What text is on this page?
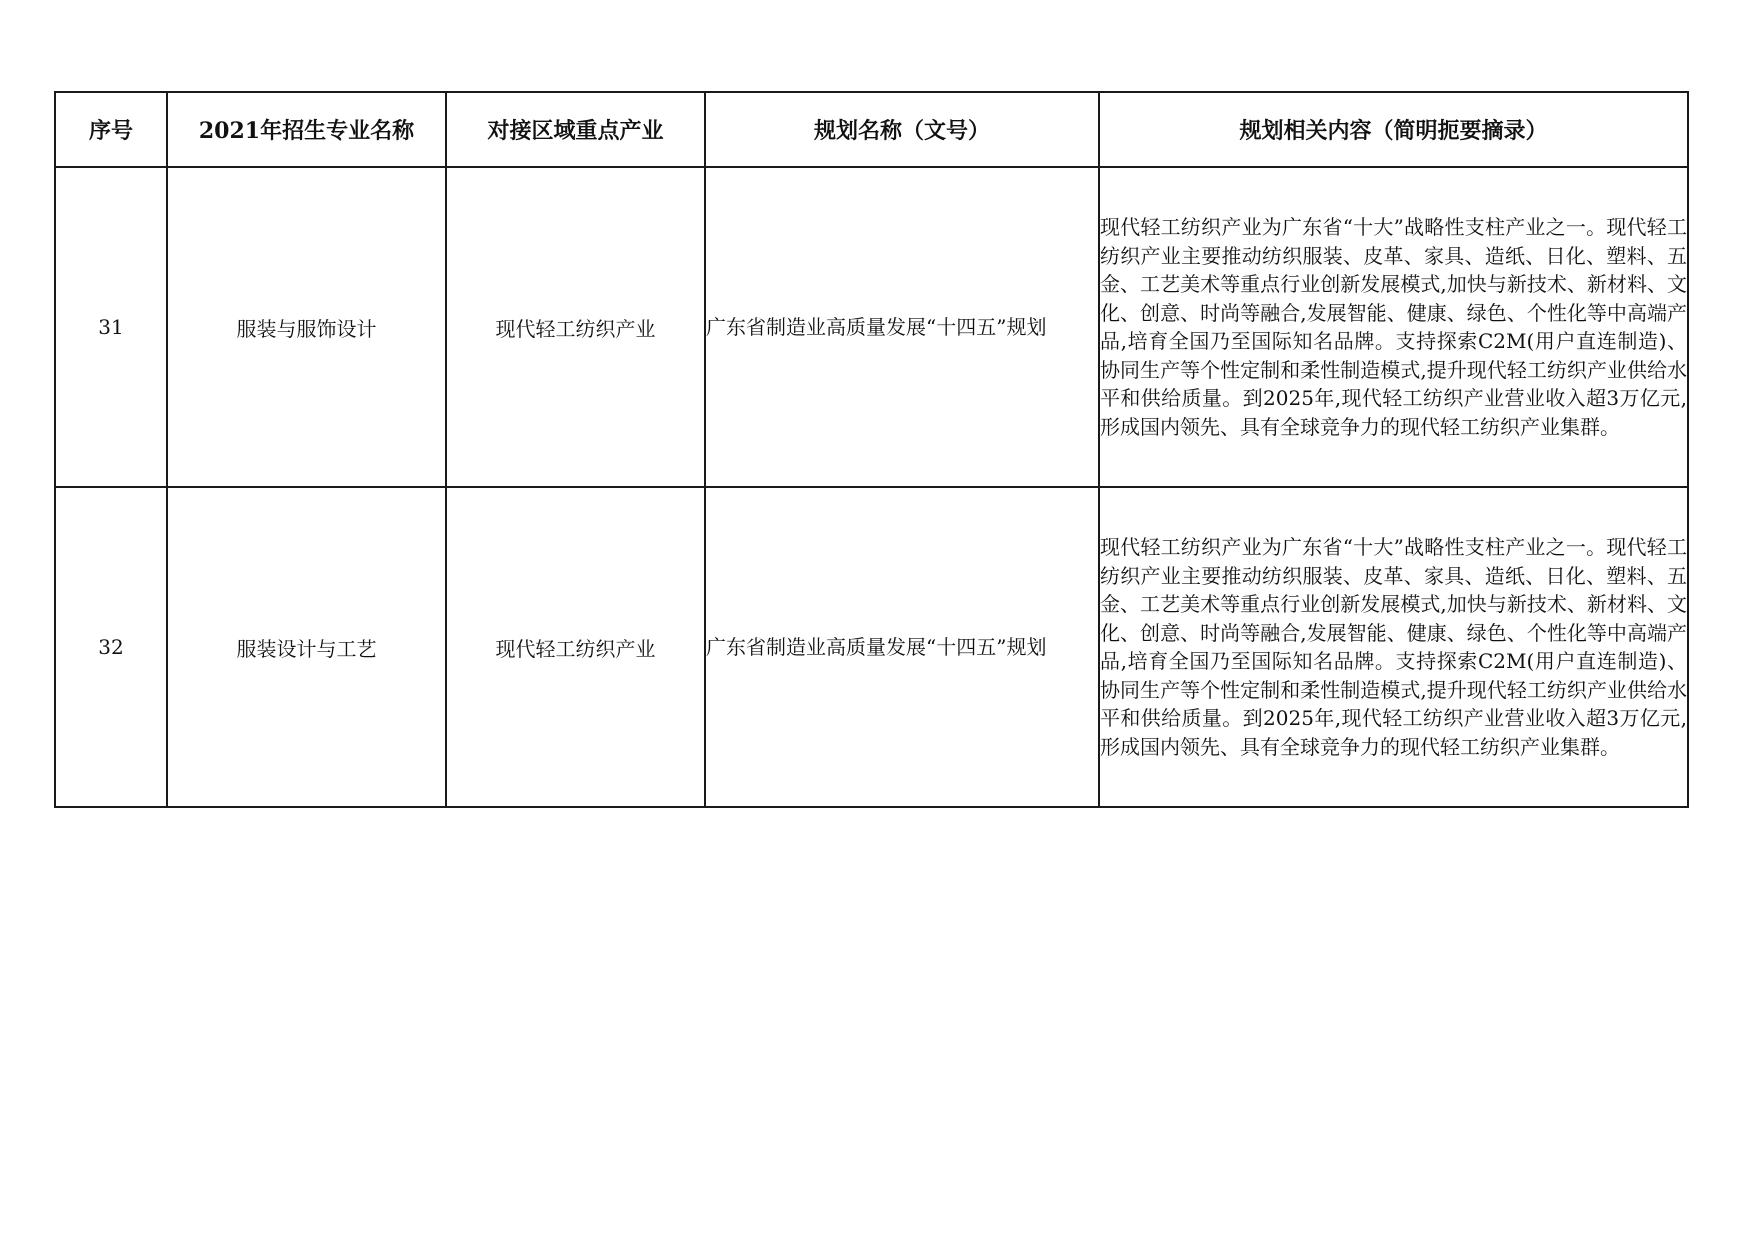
序号	2021年招生专业名称	对接区域重点产业	规划名称（文号）	规划相关内容（简明扼要摘录）
31	服装与服饰设计	现代轻工纺织产业	广东省制造业高质量发展“十四五”规划	现代轻工纺织产业为广东省“十大”战略性支柱产业之一。现代轻工纺织产业主要推动纺织服装、皮革、家具、造纸、日化、塑料、五金、工艺美术等重点行业创新发展模式,加快与新技术、新材料、文化、创意、时尚等融合,发展智能、健康、绿色、个性化等中高端产品,培育全国乃至国际知名品牌。支持探索C2M(用户直连制造)、协同生产等个性定制和柔性制造模式,提升现代轻工纺织产业供给水平和供给质量。到2025年,现代轻工纺织产业营业收入超3万亿元,形成国内领先、具有全球竞争力的现代轻工纺织产业集群。
32	服装设计与工艺	现代轻工纺织产业	广东省制造业高质量发展“十四五”规划	现代轻工纺织产业为广东省“十大”战略性支柱产业之一。现代轻工纺织产业主要推动纺织服装、皮革、家具、造纸、日化、塑料、五金、工艺美术等重点行业创新发展模式,加快与新技术、新材料、文化、创意、时尚等融合,发展智能、健康、绿色、个性化等中高端产品,培育全国乃至国际知名品牌。支持探索C2M(用户直连制造)、协同生产等个性定制和柔性制造模式,提升现代轻工纺织产业供给水平和供给质量。到2025年,现代轻工纺织产业营业收入超3万亿元,形成国内领先、具有全球竞争力的现代轻工纺织产业集群。
